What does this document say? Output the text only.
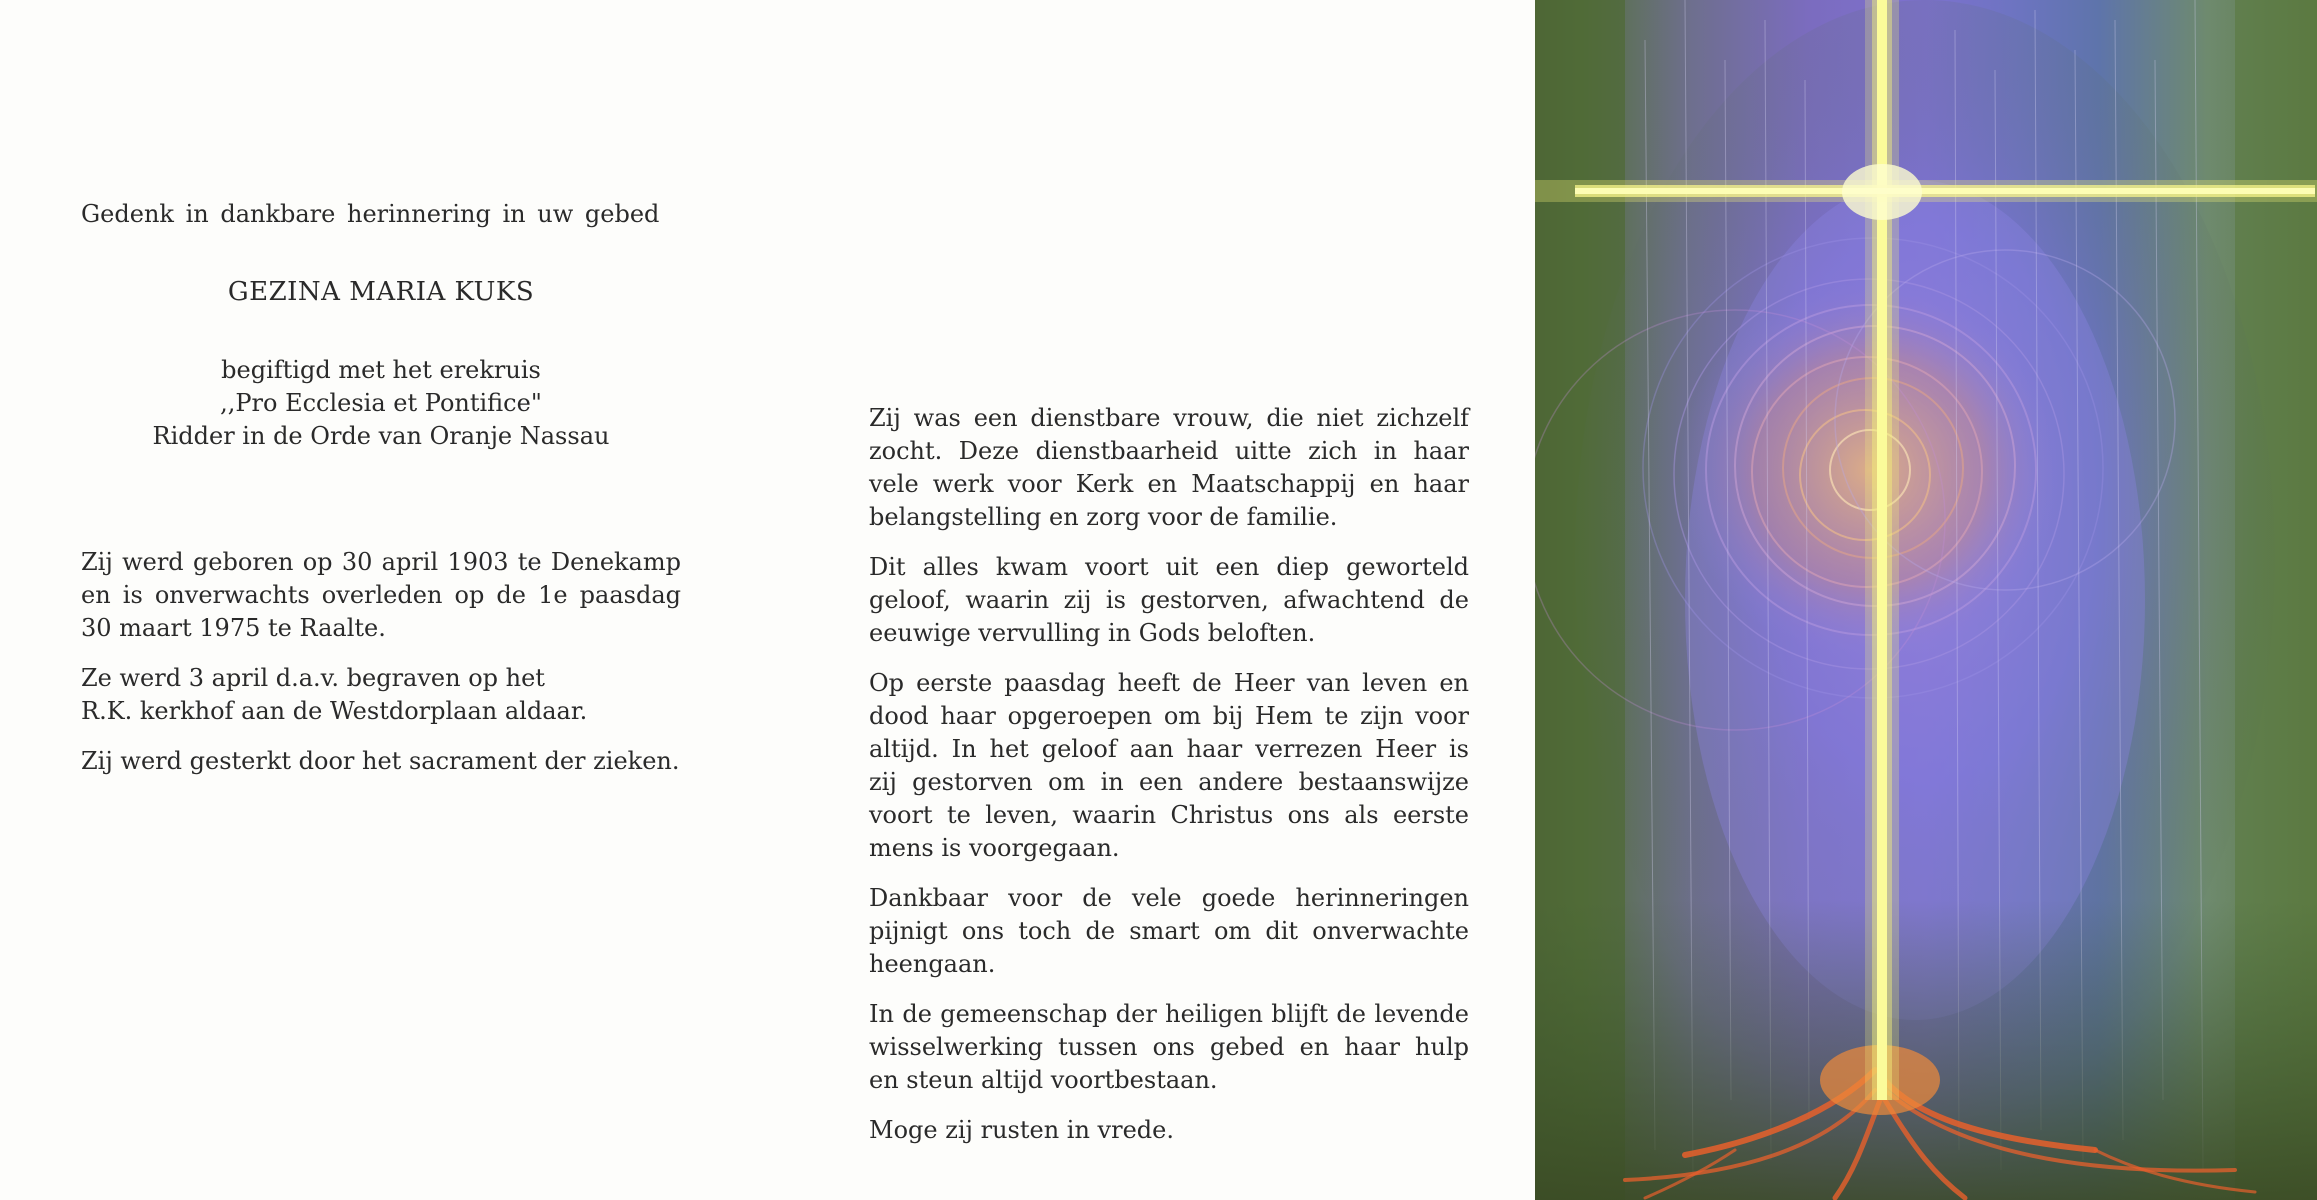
Gedenk in dankbare herinnering in uw gebed
GEZINA MARIA KUKS
begiftigd met het erekruis
,,Pro Ecclesia et Pontifice"
Ridder in de Orde van Oranje Nassau
Zij werd geboren op 30 april 1903 te Denekamp
en is onverwachts overleden op de 1e paasdag
30 maart 1975 te Raalte.
Ze werd 3 april d.a.v. begraven op het
R.K. kerkhof aan de Westdorplaan aldaar.
Zij werd gesterkt door het sacrament der zieken.
Zij was een dienstbare vrouw, die niet zichzelf
zocht. Deze dienstbaarheid uitte zich in haar
vele werk voor Kerk en Maatschappij en haar
belangstelling en zorg voor de familie.
Dit alles kwam voort uit een diep geworteld
geloof, waarin zij is gestorven, afwachtend de
eeuwige vervulling in Gods beloften.
Op eerste paasdag heeft de Heer van leven en
dood haar opgeroepen om bij Hem te zijn voor
altijd. In het geloof aan haar verrezen Heer is
zij gestorven om in een andere bestaanswijze
voort te leven, waarin Christus ons als eerste
mens is voorgegaan.
Dankbaar voor de vele goede herinneringen
pijnigt ons toch de smart om dit onverwachte
heengaan.
In de gemeenschap der heiligen blijft de levende
wisselwerking tussen ons gebed en haar hulp
en steun altijd voortbestaan.
Moge zij rusten in vrede.
